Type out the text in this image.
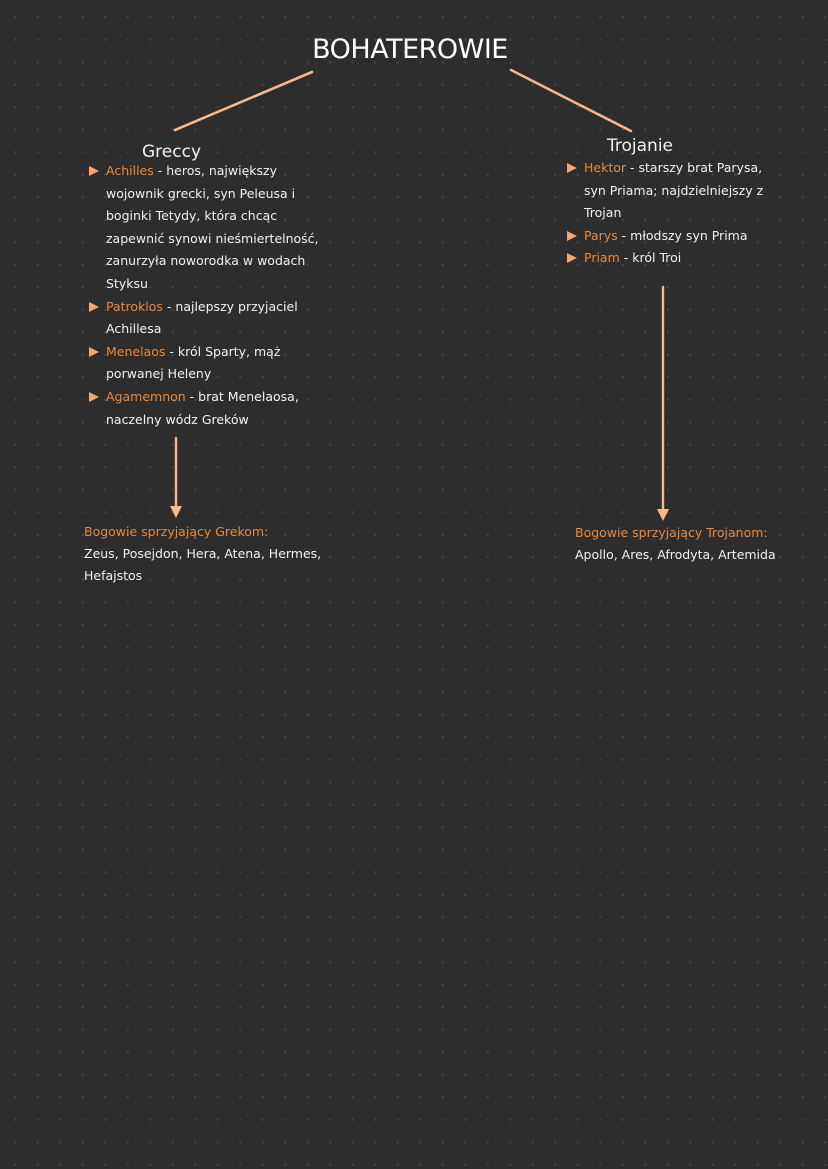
BOHATEROWIE
Greccy	Trojanie
Achilles - heros, największy wojownik grecki, syn Peleusa i boginki Tetydy, która chcąc zapewnić synowi nieśmiertelność, zanurzyła noworodka w wodach Styksu
Patroklos - najlepszy przyjaciel Achillesa
Menelaos - król Sparty, mąż porwanej Heleny
Agamemnon - brat Menelaosa, naczelny wódz Greków
Hektor - starszy brat Parysa, syn Priama; najdzielniejszy z Trojan
Parys - młodszy syn Prima
Priam - król Troi
Bogowie sprzyjający Grekom:
Zeus, Posejdon, Hera, Atena, Hermes, Hefajstos
Bogowie sprzyjający Trojanom:
Apollo, Ares, Afrodyta, Artemida
